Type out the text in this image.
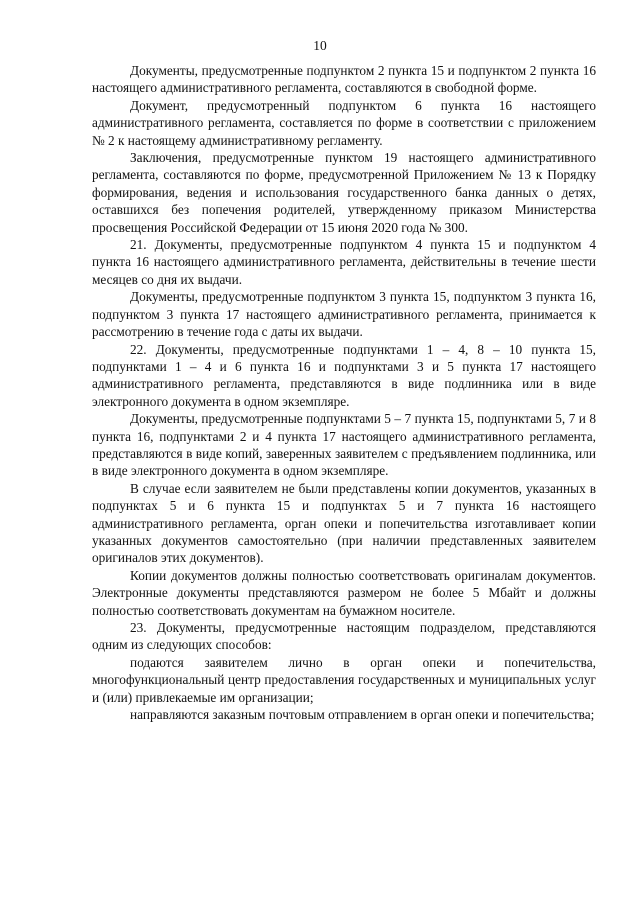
10

Документы, предусмотренные подпунктом 2 пункта 15 и подпунктом 2 пункта 16 настоящего административного регламента, составляются в свободной форме.

Документ, предусмотренный подпунктом 6 пункта 16 настоящего административного регламента, составляется по форме в соответствии с приложением № 2 к настоящему административному регламенту.

Заключения, предусмотренные пунктом 19 настоящего административного регламента, составляются по форме, предусмотренной Приложением № 13 к Порядку формирования, ведения и использования государственного банка данных о детях, оставшихся без попечения родителей, утвержденному приказом Министерства просвещения Российской Федерации от 15 июня 2020 года № 300.

21. Документы, предусмотренные подпунктом 4 пункта 15 и подпунктом 4 пункта 16 настоящего административного регламента, действительны в течение шести месяцев со дня их выдачи.

Документы, предусмотренные подпунктом 3 пункта 15, подпунктом 3 пункта 16, подпунктом 3 пункта 17 настоящего административного регламента, принимается к рассмотрению в течение года с даты их выдачи.

22. Документы, предусмотренные подпунктами 1 – 4, 8 – 10 пункта 15, подпунктами 1 – 4 и 6 пункта 16 и подпунктами 3 и 5 пункта 17 настоящего административного регламента, представляются в виде подлинника или в виде электронного документа в одном экземпляре.

Документы, предусмотренные подпунктами 5 – 7 пункта 15, подпунктами 5, 7 и 8 пункта 16, подпунктами 2 и 4 пункта 17 настоящего административного регламента, представляются в виде копий, заверенных заявителем с предъявлением подлинника, или в виде электронного документа в одном экземпляре.

В случае если заявителем не были представлены копии документов, указанных в подпунктах 5 и 6 пункта 15 и подпунктах 5 и 7 пункта 16 настоящего административного регламента, орган опеки и попечительства изготавливает копии указанных документов самостоятельно (при наличии представленных заявителем оригиналов этих документов).

Копии документов должны полностью соответствовать оригиналам документов. Электронные документы представляются размером не более 5 Мбайт и должны полностью соответствовать документам на бумажном носителе.

23. Документы, предусмотренные настоящим подразделом, представляются одним из следующих способов:

подаются заявителем лично в орган опеки и попечительства, многофункциональный центр предоставления государственных и муниципальных услуг и (или) привлекаемые им организации;

направляются заказным почтовым отправлением в орган опеки и попечительства;
